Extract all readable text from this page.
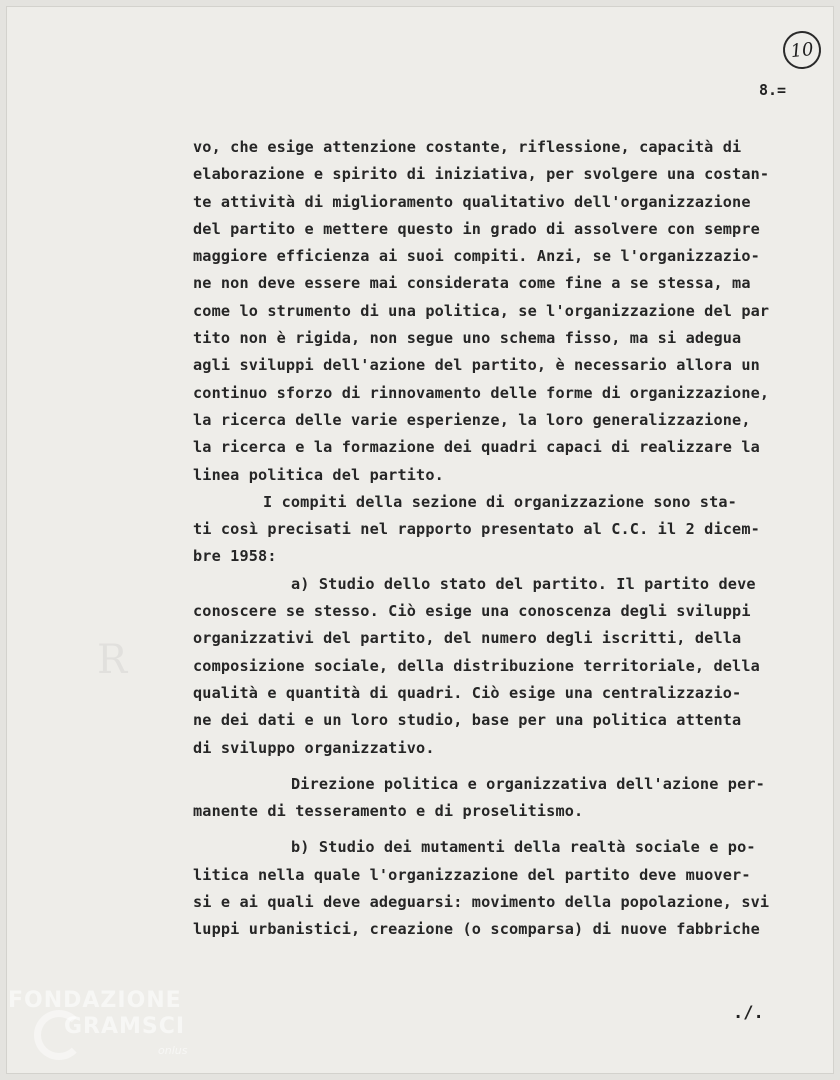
R
10
8.=
vo, che esige attenzione costante, riflessione, capacità di
elaborazione e spirito di iniziativa, per svolgere una costan-
te attività di miglioramento qualitativo dell'organizzazione
del partito e mettere questo in grado di assolvere con sempre
maggiore efficienza ai suoi compiti. Anzi, se l'organizzazio-
ne non deve essere mai considerata come fine a se stessa, ma
come lo strumento di una politica, se l'organizzazione del par
tito non è rigida, non segue uno schema fisso, ma si adegua
agli sviluppi dell'azione del partito, è necessario allora un
continuo sforzo di rinnovamento delle forme di organizzazione,
la ricerca delle varie esperienze, la loro generalizzazione,
la ricerca e la formazione dei quadri capaci di realizzare la
linea politica del partito.
I compiti della sezione di organizzazione sono sta-
ti così precisati nel rapporto presentato al C.C. il 2 dicem-
bre 1958:
a) Studio dello stato del partito. Il partito deve
conoscere se stesso. Ciò esige una conoscenza degli sviluppi
organizzativi del partito, del numero degli iscritti, della
composizione sociale, della distribuzione territoriale, della
qualità e quantità di quadri. Ciò esige una centralizzazio-
ne dei dati e un loro studio, base per una politica attenta
di sviluppo organizzativo.
Direzione politica e organizzativa dell'azione per-
manente di tesseramento e di proselitismo.
b) Studio dei mutamenti della realtà sociale e po-
litica nella quale l'organizzazione del partito deve muover-
si e ai quali deve adeguarsi: movimento della popolazione, svi
luppi urbanistici, creazione (o scomparsa) di nuove fabbriche
./.
FONDAZIONE
GRAMSCI
onlus
